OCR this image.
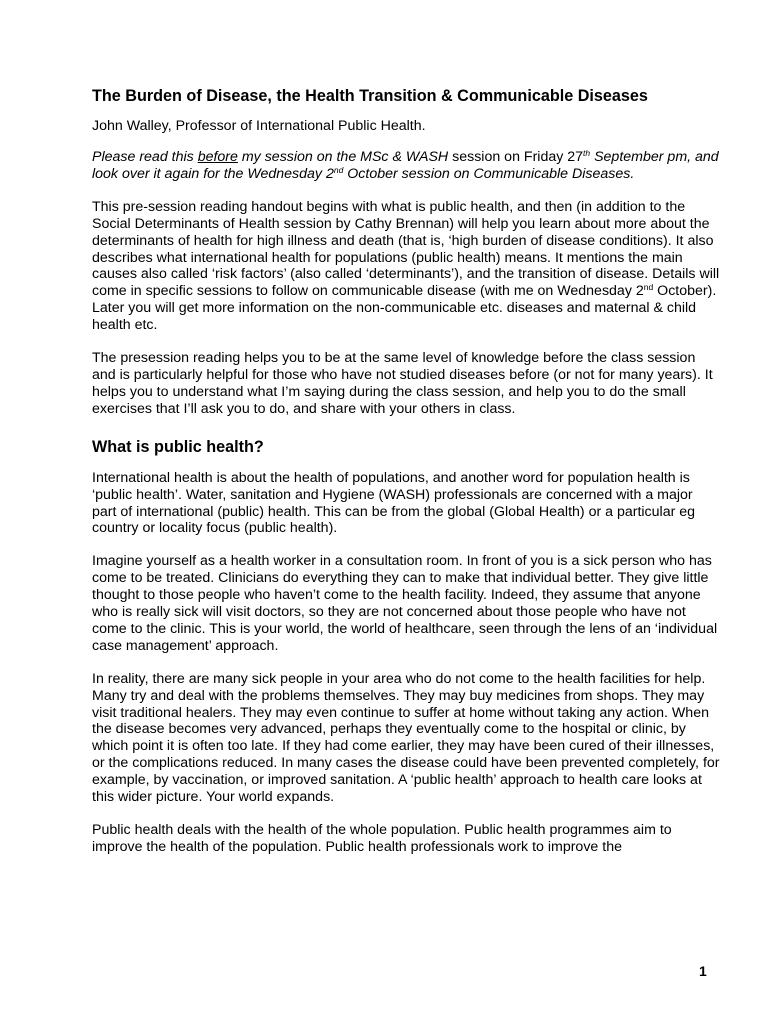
The Burden of Disease, the Health Transition & Communicable Diseases
John Walley, Professor of International Public Health.
Please read this before my session on the MSc & WASH session on Friday 27th September pm, and look over it again for the Wednesday 2nd October session on Communicable Diseases.
This pre-session reading handout begins with what is public health, and then (in addition to the Social Determinants of Health session by Cathy Brennan) will help you learn about more about the determinants of health for high illness and death (that is, ‘high burden of disease conditions). It also describes what international health for populations (public health) means. It mentions the main causes also called ‘risk factors’ (also called ‘determinants’), and the transition of disease. Details will come in specific sessions to follow on communicable disease (with me on Wednesday 2nd October). Later you will get more information on the non-communicable etc. diseases and maternal & child health etc.
The presession reading helps you to be at the same level of knowledge before the class session and is particularly helpful for those who have not studied diseases before (or not for many years). It helps you to understand what I’m saying during the class session, and help you to do the small exercises that I’ll ask you to do, and share with your others in class.
What is public health?
International health is about the health of populations, and another word for population health is ‘public health’. Water, sanitation and Hygiene (WASH) professionals are concerned with a major part of international (public) health. This can be from the global (Global Health) or a particular eg country or locality focus (public health).
Imagine yourself as a health worker in a consultation room. In front of you is a sick person who has come to be treated. Clinicians do everything they can to make that individual better. They give little thought to those people who haven’t come to the health facility. Indeed, they assume that anyone who is really sick will visit doctors, so they are not concerned about those people who have not come to the clinic. This is your world, the world of healthcare, seen through the lens of an ‘individual case management’ approach.
In reality, there are many sick people in your area who do not come to the health facilities for help. Many try and deal with the problems themselves. They may buy medicines from shops. They may visit traditional healers. They may even continue to suffer at home without taking any action. When the disease becomes very advanced, perhaps they eventually come to the hospital or clinic, by which point it is often too late. If they had come earlier, they may have been cured of their illnesses, or the complications reduced. In many cases the disease could have been prevented completely, for example, by vaccination, or improved sanitation. A ‘public health’ approach to health care looks at this wider picture. Your world expands.
Public health deals with the health of the whole population. Public health programmes aim to improve the health of the population. Public health professionals work to improve the
1
